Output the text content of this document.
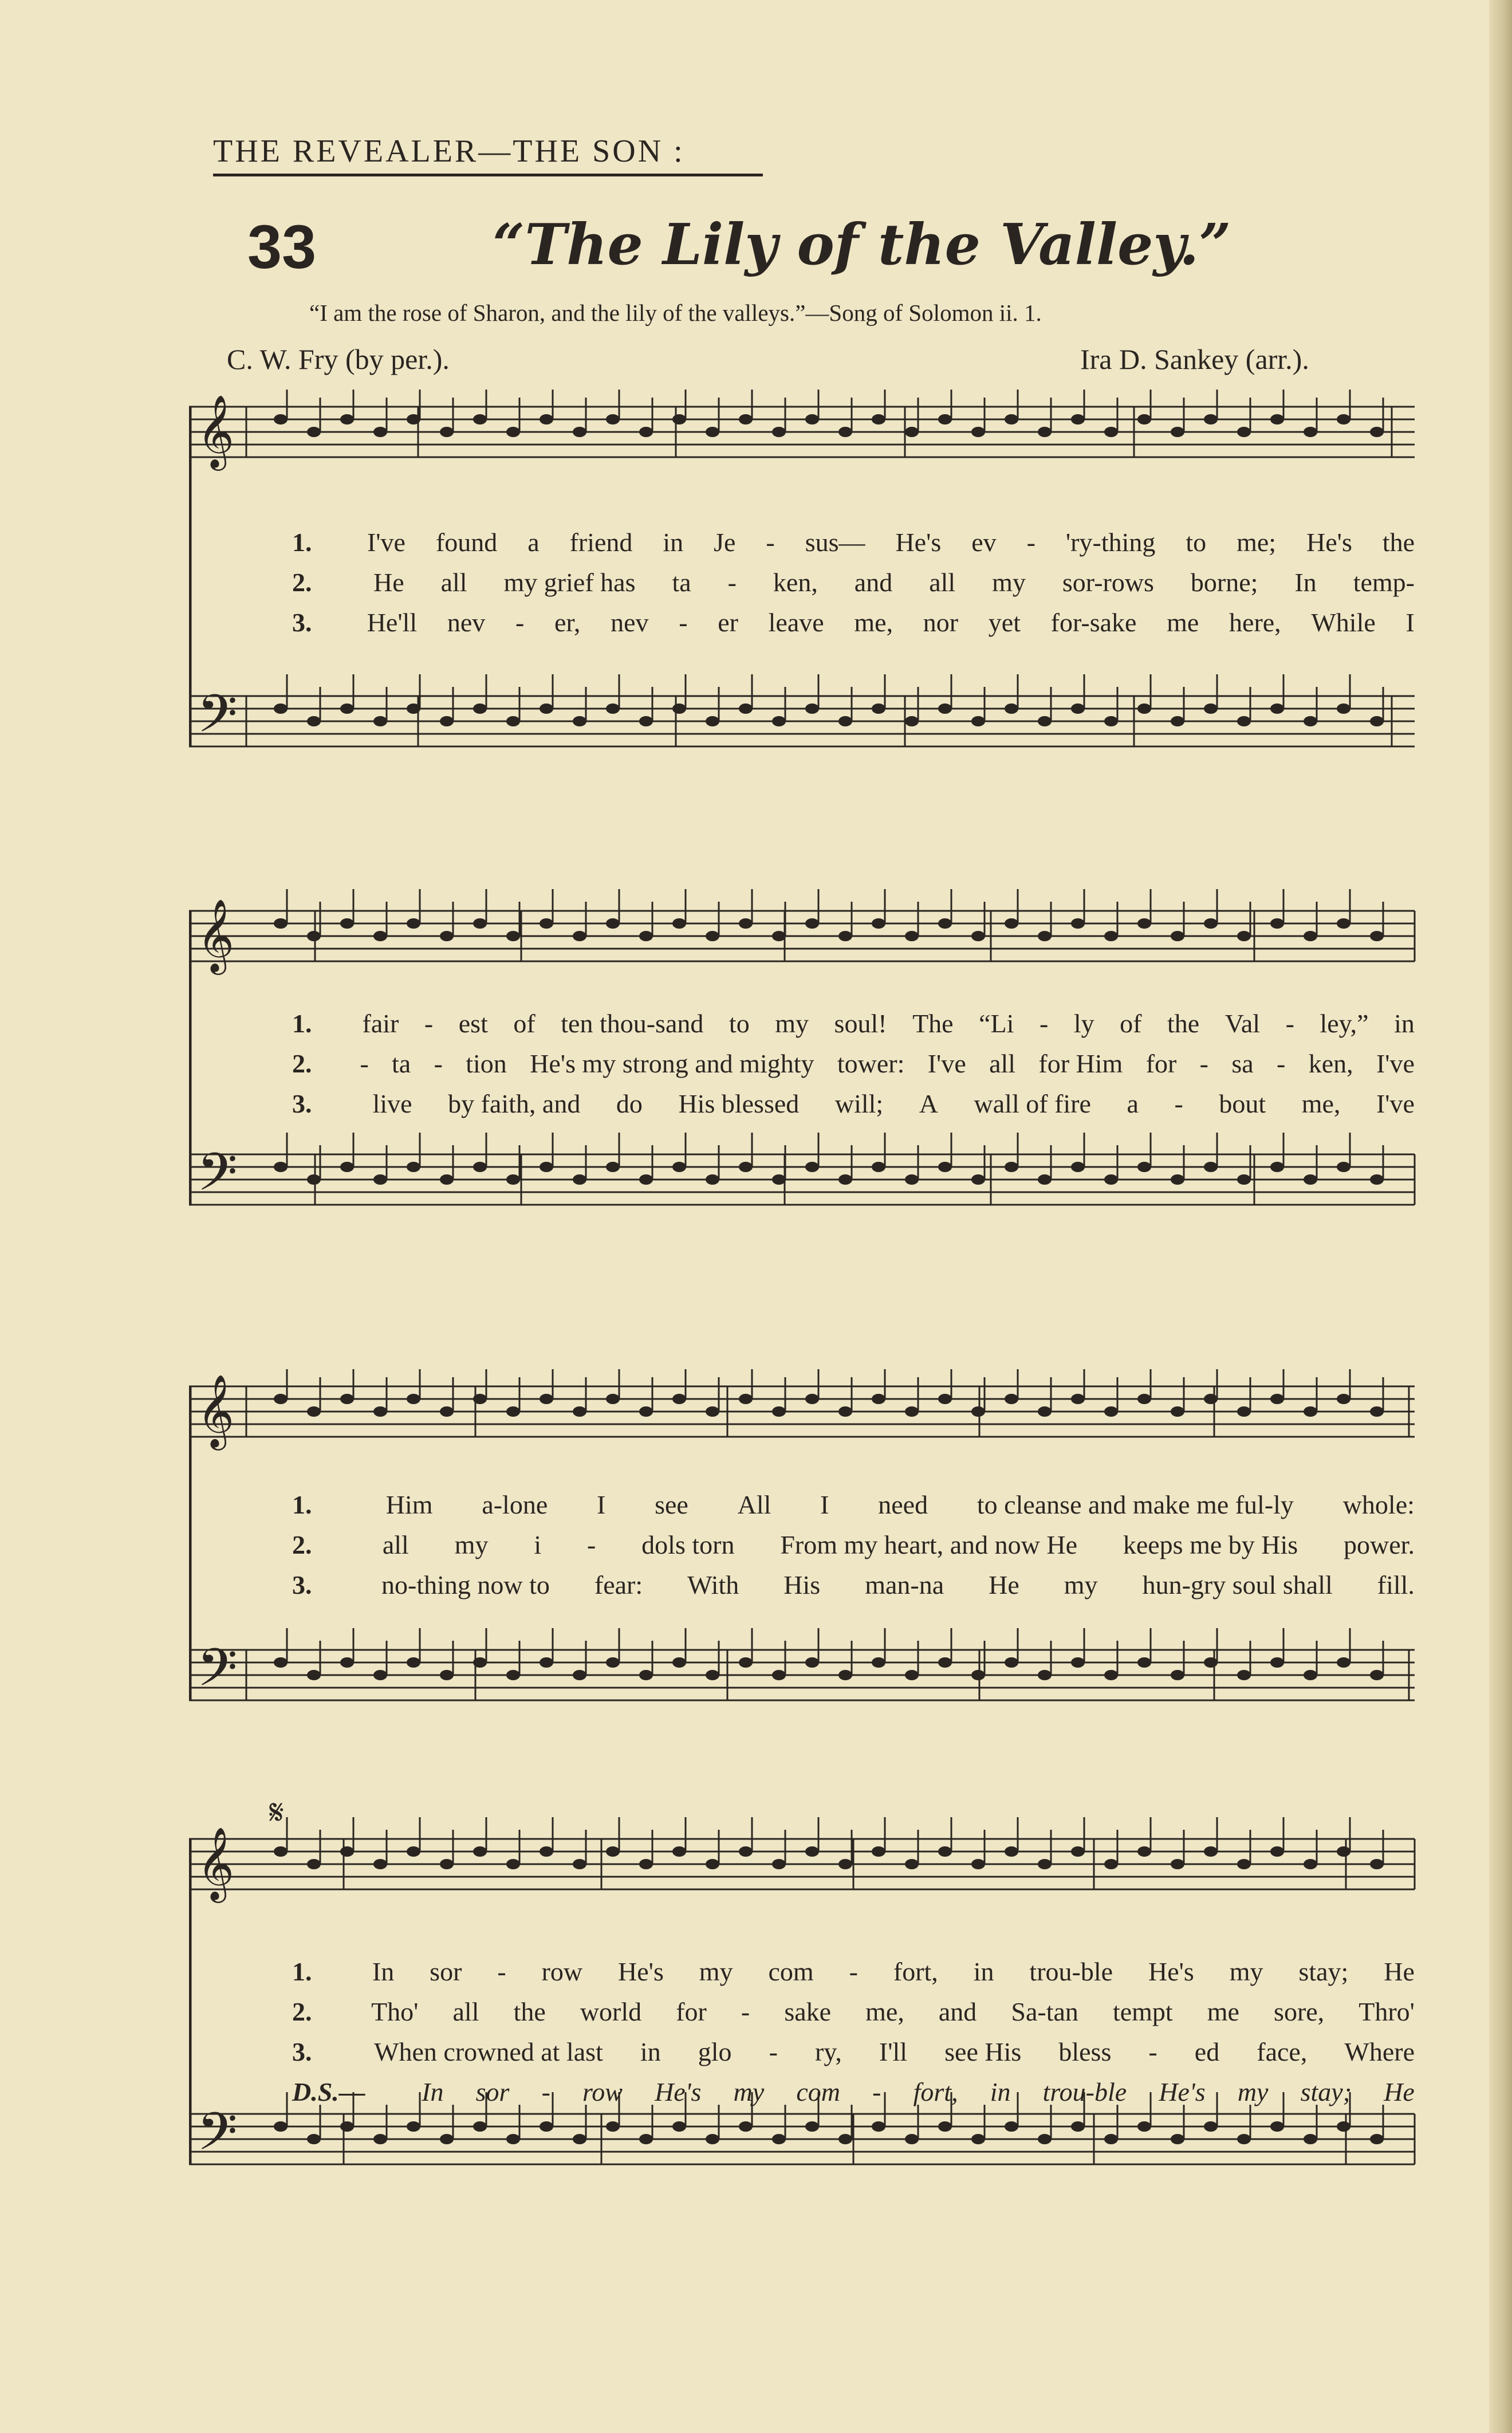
THE REVEALER—THE SON :
33	“The Lily of the Valley.”
“I am the rose of Sharon, and the lily of the valleys.”—Song of Solomon ii. 1.
C. W. Fry (by per.).	Ira D. Sankey (arr.).
𝄞
𝄢
1.	I've found a friend in Je - sus— He's ev - 'ry-thing to me; He's the
2.	He all my grief has ta - ken, and all my sor-rows borne; In temp-
3.	He'll nev - er, nev - er leave me, nor yet for-sake me here, While I
𝄞
𝄢
1.	fair - est of ten thou-sand to my soul! The “Li - ly of the Val - ley,” in
2.	- ta - tion He's my strong and mighty tower: I've all for Him for - sa - ken, I've
3.	live by faith, and do His blessed will; A wall of fire a - bout me, I've
𝄞
𝄢
1.	Him a-lone I see All I need to cleanse and make me ful-ly whole:
2.	all my i - dols torn From my heart, and now He keeps me by His power.
3.	no-thing now to fear: With His man-na He my hun-gry soul shall fill.
𝄞
𝄢
𝄋
1.	In sor - row He's my com - fort, in trou-ble He's my stay; He
2.	Tho' all the world for - sake me, and Sa-tan tempt me sore, Thro'
3.	When crowned at last in glo - ry, I'll see His bless - ed face, Where
D.S.—	In sor - row He's my com - fort, in trou-ble He's my stay; He
